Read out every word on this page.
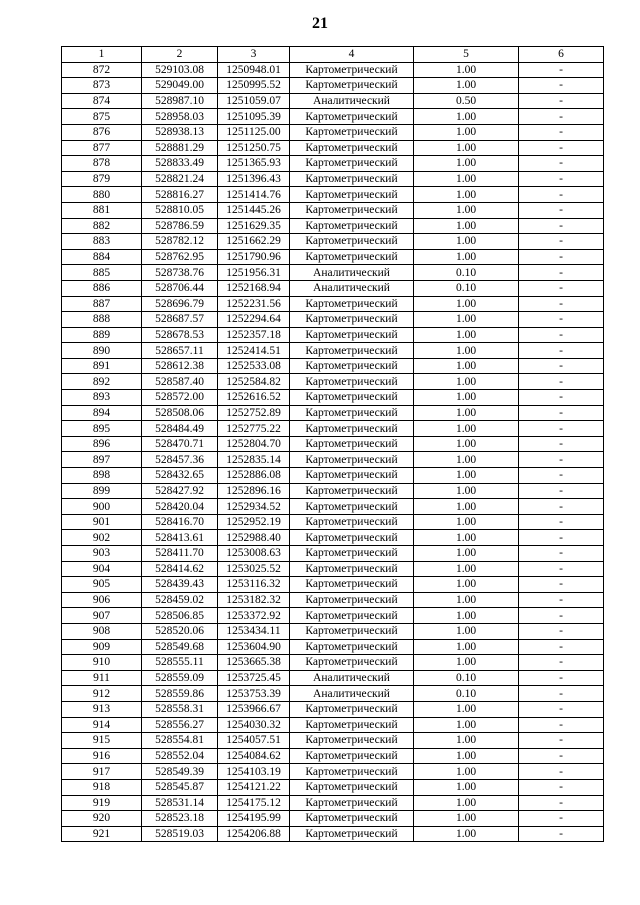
21
1	2	3	4	5	6
872	529103.08	1250948.01	Картометрический	1.00	-
873	529049.00	1250995.52	Картометрический	1.00	-
874	528987.10	1251059.07	Аналитический	0.50	-
875	528958.03	1251095.39	Картометрический	1.00	-
876	528938.13	1251125.00	Картометрический	1.00	-
877	528881.29	1251250.75	Картометрический	1.00	-
878	528833.49	1251365.93	Картометрический	1.00	-
879	528821.24	1251396.43	Картометрический	1.00	-
880	528816.27	1251414.76	Картометрический	1.00	-
881	528810.05	1251445.26	Картометрический	1.00	-
882	528786.59	1251629.35	Картометрический	1.00	-
883	528782.12	1251662.29	Картометрический	1.00	-
884	528762.95	1251790.96	Картометрический	1.00	-
885	528738.76	1251956.31	Аналитический	0.10	-
886	528706.44	1252168.94	Аналитический	0.10	-
887	528696.79	1252231.56	Картометрический	1.00	-
888	528687.57	1252294.64	Картометрический	1.00	-
889	528678.53	1252357.18	Картометрический	1.00	-
890	528657.11	1252414.51	Картометрический	1.00	-
891	528612.38	1252533.08	Картометрический	1.00	-
892	528587.40	1252584.82	Картометрический	1.00	-
893	528572.00	1252616.52	Картометрический	1.00	-
894	528508.06	1252752.89	Картометрический	1.00	-
895	528484.49	1252775.22	Картометрический	1.00	-
896	528470.71	1252804.70	Картометрический	1.00	-
897	528457.36	1252835.14	Картометрический	1.00	-
898	528432.65	1252886.08	Картометрический	1.00	-
899	528427.92	1252896.16	Картометрический	1.00	-
900	528420.04	1252934.52	Картометрический	1.00	-
901	528416.70	1252952.19	Картометрический	1.00	-
902	528413.61	1252988.40	Картометрический	1.00	-
903	528411.70	1253008.63	Картометрический	1.00	-
904	528414.62	1253025.52	Картометрический	1.00	-
905	528439.43	1253116.32	Картометрический	1.00	-
906	528459.02	1253182.32	Картометрический	1.00	-
907	528506.85	1253372.92	Картометрический	1.00	-
908	528520.06	1253434.11	Картометрический	1.00	-
909	528549.68	1253604.90	Картометрический	1.00	-
910	528555.11	1253665.38	Картометрический	1.00	-
911	528559.09	1253725.45	Аналитический	0.10	-
912	528559.86	1253753.39	Аналитический	0.10	-
913	528558.31	1253966.67	Картометрический	1.00	-
914	528556.27	1254030.32	Картометрический	1.00	-
915	528554.81	1254057.51	Картометрический	1.00	-
916	528552.04	1254084.62	Картометрический	1.00	-
917	528549.39	1254103.19	Картометрический	1.00	-
918	528545.87	1254121.22	Картометрический	1.00	-
919	528531.14	1254175.12	Картометрический	1.00	-
920	528523.18	1254195.99	Картометрический	1.00	-
921	528519.03	1254206.88	Картометрический	1.00	-
